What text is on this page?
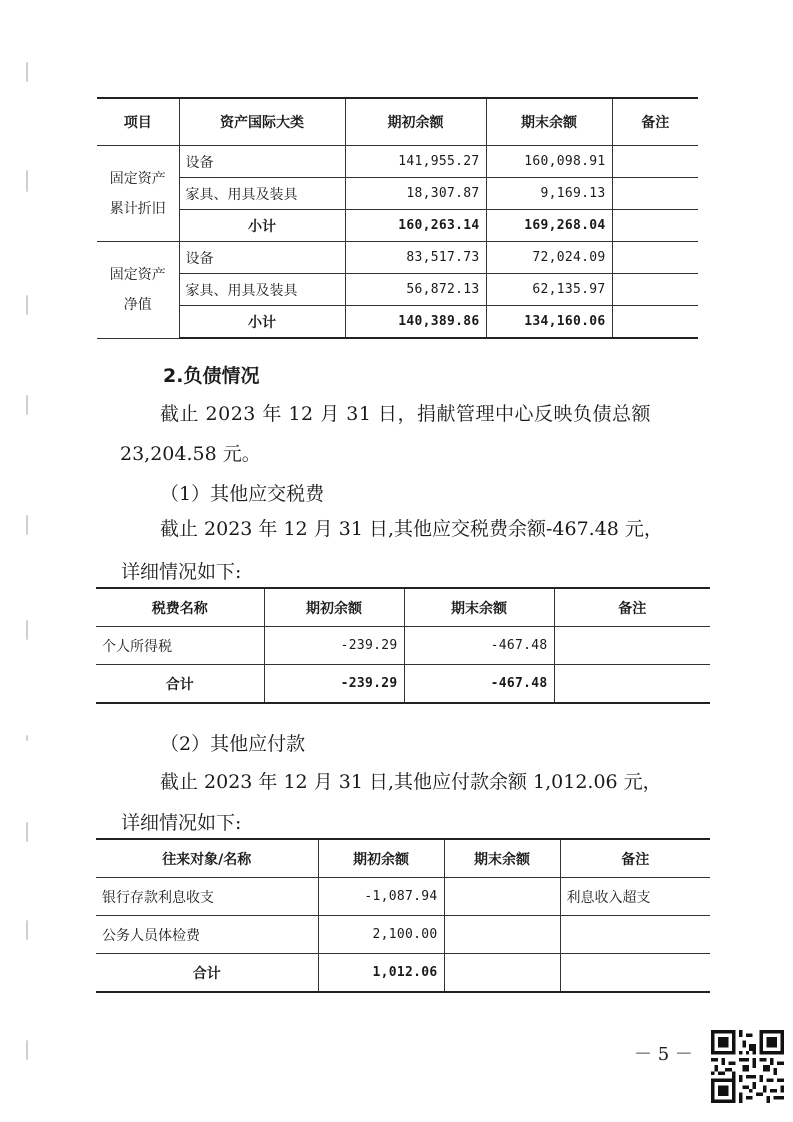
项目	资产国际大类	期初余额	期末余额	备注
固定资产累计折旧	设备	141,955.27	160,098.91	
	家具、用具及装具	18,307.87	9,169.13	
	小计	160,263.14	169,268.04	
固定资产净值	设备	83,517.73	72,024.09	
	家具、用具及装具	56,872.13	62,135.97	
	小计	140,389.86	134,160.06	
2.负债情况
截止 2023 年 12 月 31 日，捐献管理中心反映负债总额
23,204.58 元。
（1）其他应交税费
截止 2023 年 12 月 31 日,其他应交税费余额-467.48 元，
详细情况如下:
税费名称	期初余额	期末余额	备注
个人所得税	-239.29	-467.48	
合计	-239.29	-467.48	
（2）其他应付款
截止 2023 年 12 月 31 日,其他应付款余额 1,012.06 元，
详细情况如下:
往来对象/名称	期初余额	期末余额	备注
银行存款利息收支	-1,087.94		利息收入超支
公务人员体检费	2,100.00		
合计	1,012.06		
－ 5 －
